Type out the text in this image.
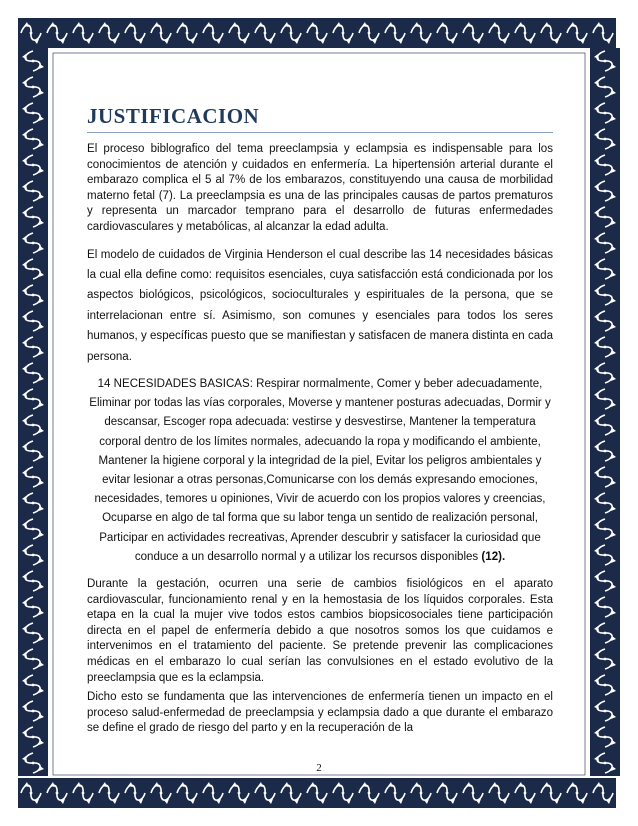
JUSTIFICACION

El proceso biblografico del tema preeclampsia y eclampsia es indispensable para los conocimientos de atención y cuidados en enfermería. La hipertensión arterial durante el embarazo complica el 5 al 7% de los embarazos, constituyendo una causa de morbilidad materno fetal (7). La preeclampsia es una de las principales causas de partos prematuros y representa un marcador temprano para el desarrollo de futuras enfermedades cardiovasculares y metabólicas, al alcanzar la edad adulta.

El modelo de cuidados de Virginia Henderson el cual describe las 14 necesidades básicas la cual ella define como: requisitos esenciales, cuya satisfacción está condicionada por los aspectos biológicos, psicológicos, socioculturales y espirituales de la persona, que se interrelacionan entre sí. Asimismo, son comunes y esenciales para todos los seres humanos, y específicas puesto que se manifiestan y satisfacen de manera distinta en cada persona.

14 NECESIDADES BASICAS: Respirar normalmente, Comer y beber adecuadamente, Eliminar por todas las vías corporales, Moverse y mantener posturas adecuadas, Dormir y descansar, Escoger ropa adecuada: vestirse y desvestirse, Mantener la temperatura corporal dentro de los límites normales, adecuando la ropa y modificando el ambiente, Mantener la higiene corporal y la integridad de la piel, Evitar los peligros ambientales y evitar lesionar a otras personas,Comunicarse con los demás expresando emociones, necesidades, temores u opiniones, Vivir de acuerdo con los propios valores y creencias, Ocuparse en algo de tal forma que su labor tenga un sentido de realización personal, Participar en actividades recreativas, Aprender descubrir y satisfacer la curiosidad que conduce a un desarrollo normal y a utilizar los recursos disponibles (12).

Durante la gestación, ocurren una serie de cambios fisiológicos en el aparato cardiovascular, funcionamiento renal y en la hemostasia de los líquidos corporales. Esta etapa en la cual la mujer vive todos estos cambios biopsicosociales tiene participación directa en el papel de enfermería debido a que nosotros somos los que cuidamos e intervenimos en el tratamiento del paciente. Se pretende prevenir las complicaciones médicas en el embarazo lo cual serían las convulsiones en el estado evolutivo de la preeclampsia que es la eclampsia.

Dicho esto se fundamenta que las intervenciones de enfermería tienen un impacto en el proceso salud-enfermedad de preeclampsia y eclampsia dado a que durante el embarazo se define el grado de riesgo del parto y en la recuperación de la

2
